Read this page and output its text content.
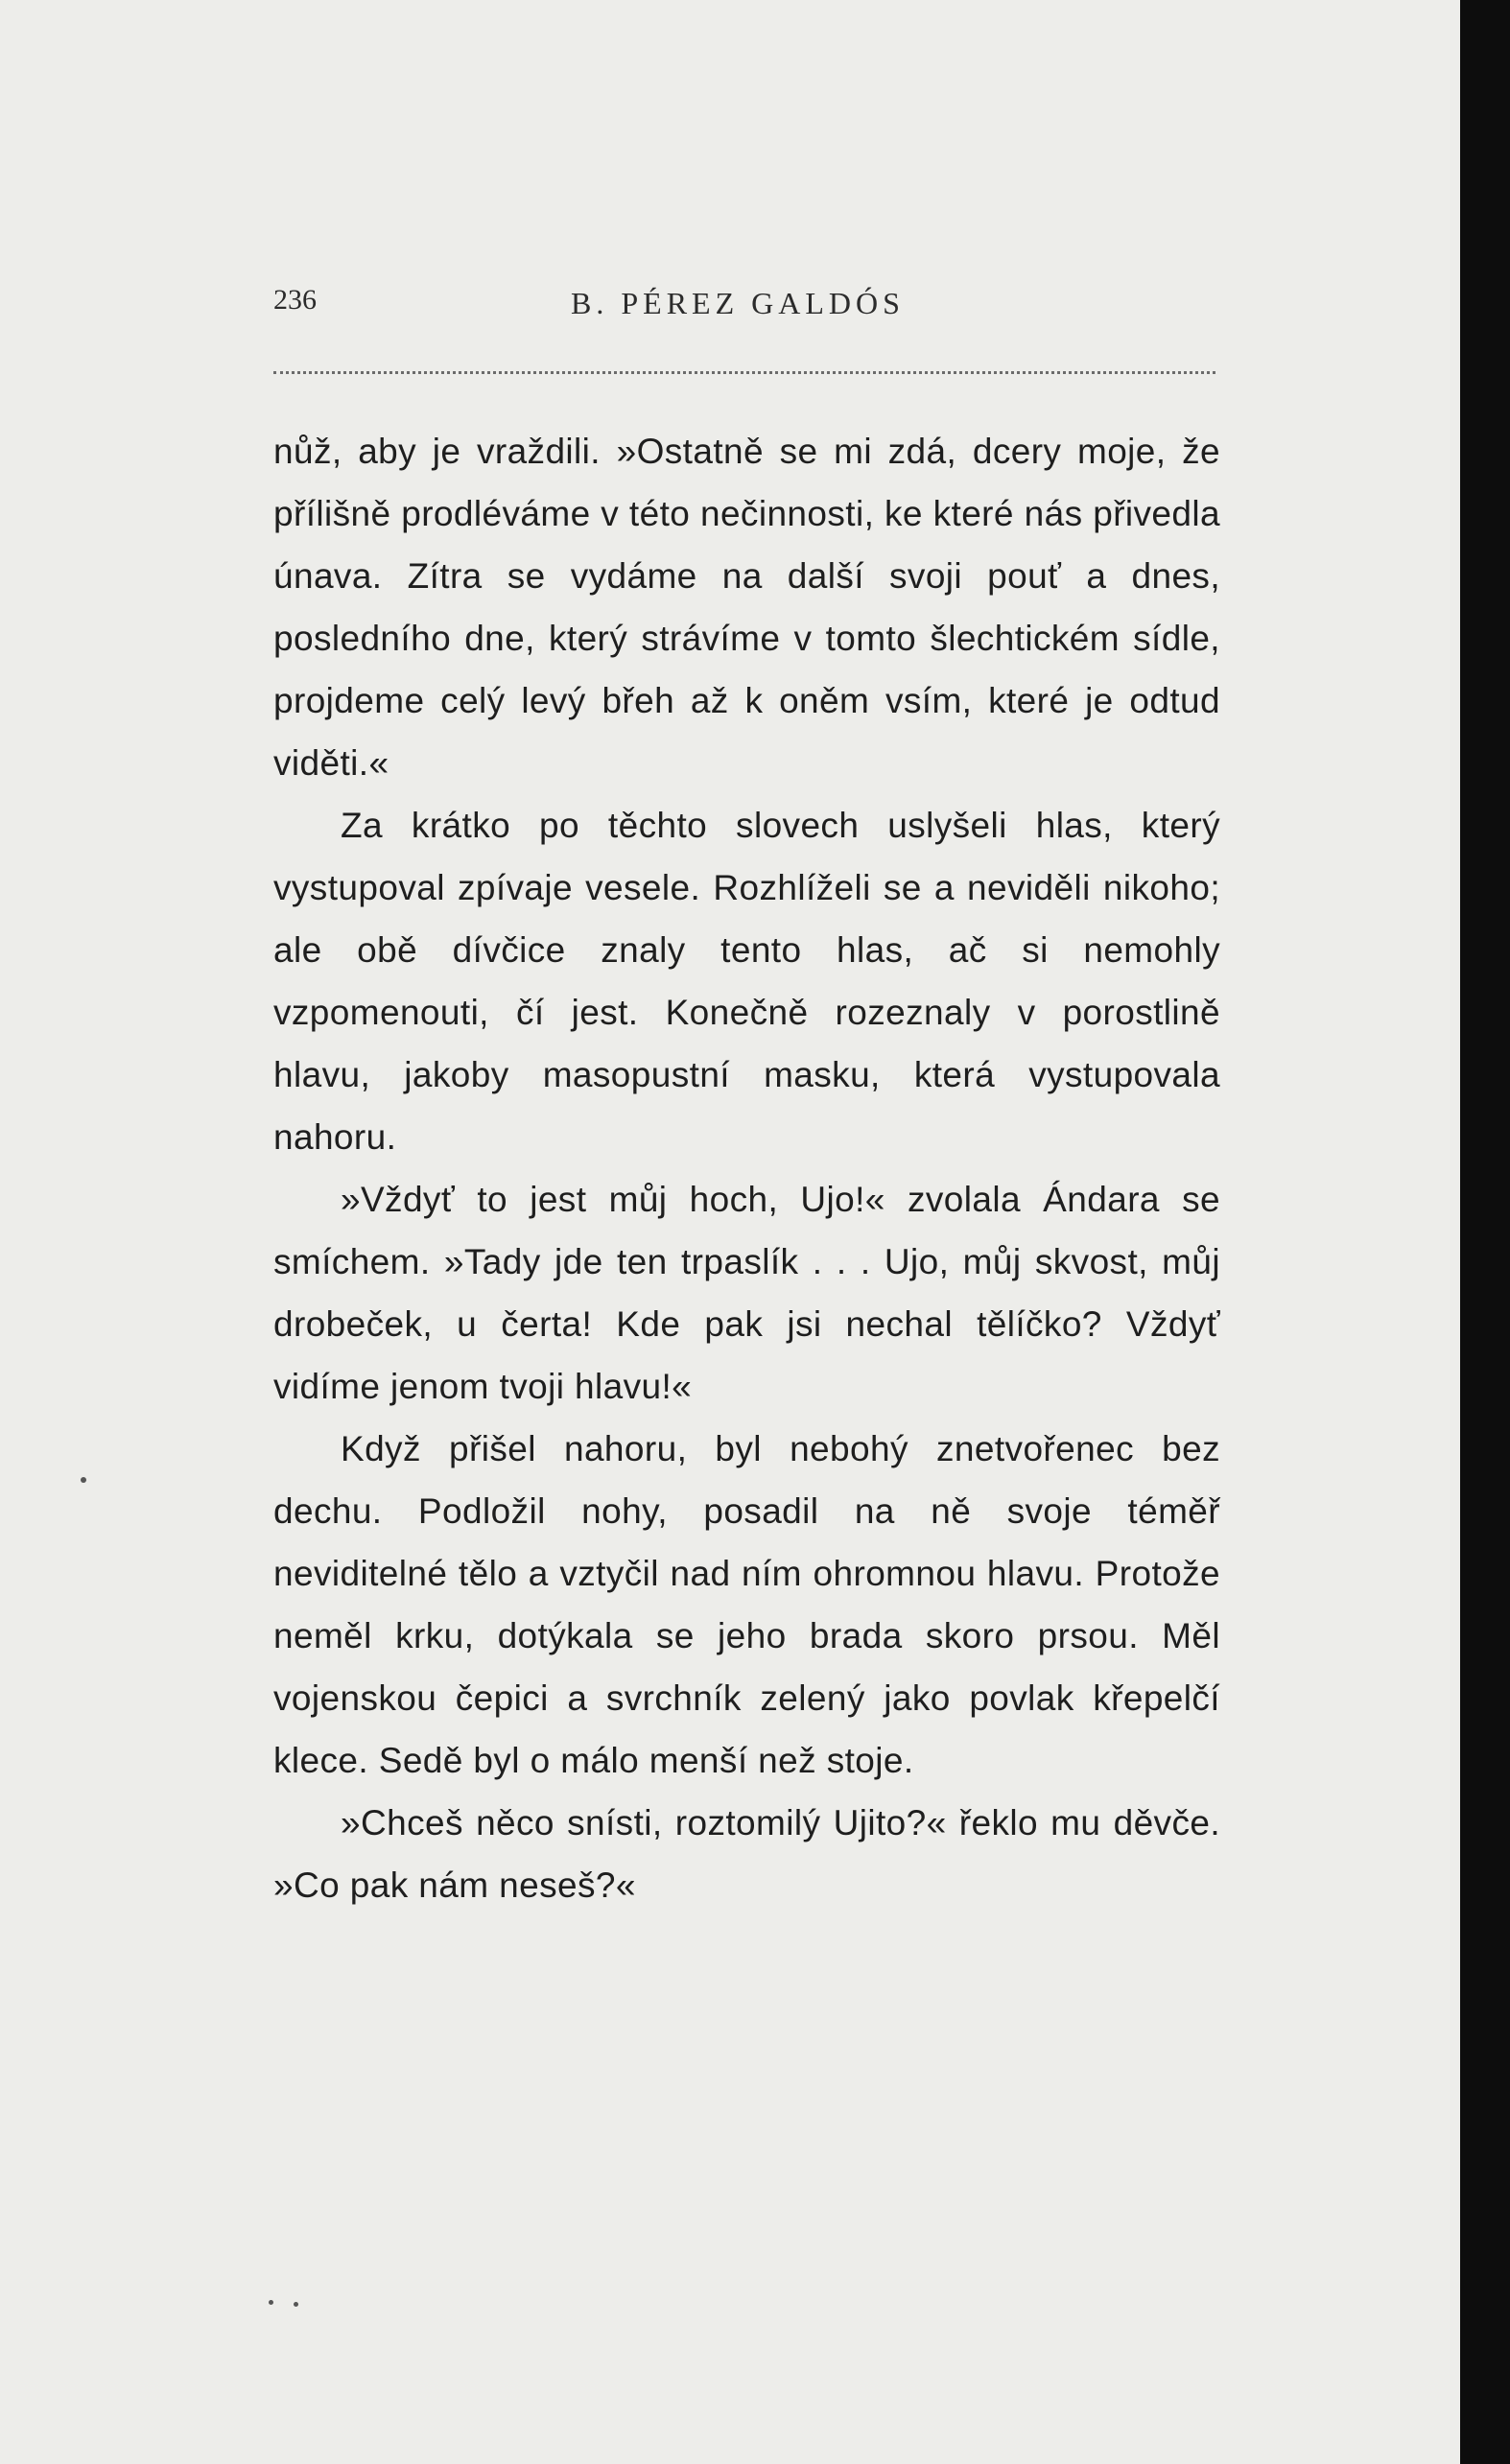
236	B. PÉREZ GALDÓS

nůž, aby je vraždili. »Ostatně se mi zdá, dcery moje, že přílišně prodléváme v této nečinnosti, ke které nás přivedla únava. Zítra se vydáme na další svoji pouť a dnes, posledního dne, který strávíme v tomto šlechtickém sídle, projdeme celý levý břeh až k oněm vsím, které je odtud viděti.«

Za krátko po těchto slovech uslyšeli hlas, který vystupoval zpívaje vesele. Rozhlíželi se a neviděli nikoho; ale obě dívčice znaly tento hlas, ač si nemohly vzpomenouti, čí jest. Konečně rozeznaly v porostlině hlavu, jakoby masopustní masku, která vystupovala nahoru.

»Vždyť to jest můj hoch, Ujo!« zvolala Ándara se smíchem. »Tady jde ten trpaslík . . . Ujo, můj skvost, můj drobeček, u čerta! Kde pak jsi nechal tělíčko? Vždyť vidíme jenom tvoji hlavu!«

Když přišel nahoru, byl nebohý znetvořenec bez dechu. Podložil nohy, posadil na ně svoje téměř neviditelné tělo a vztyčil nad ním ohromnou hlavu. Protože neměl krku, dotýkala se jeho brada skoro prsou. Měl vojenskou čepici a svrchník zelený jako povlak křepelčí klece. Sedě byl o málo menší než stoje.

»Chceš něco snísti, roztomilý Ujito?« řeklo mu děvče. »Co pak nám neseš?«
